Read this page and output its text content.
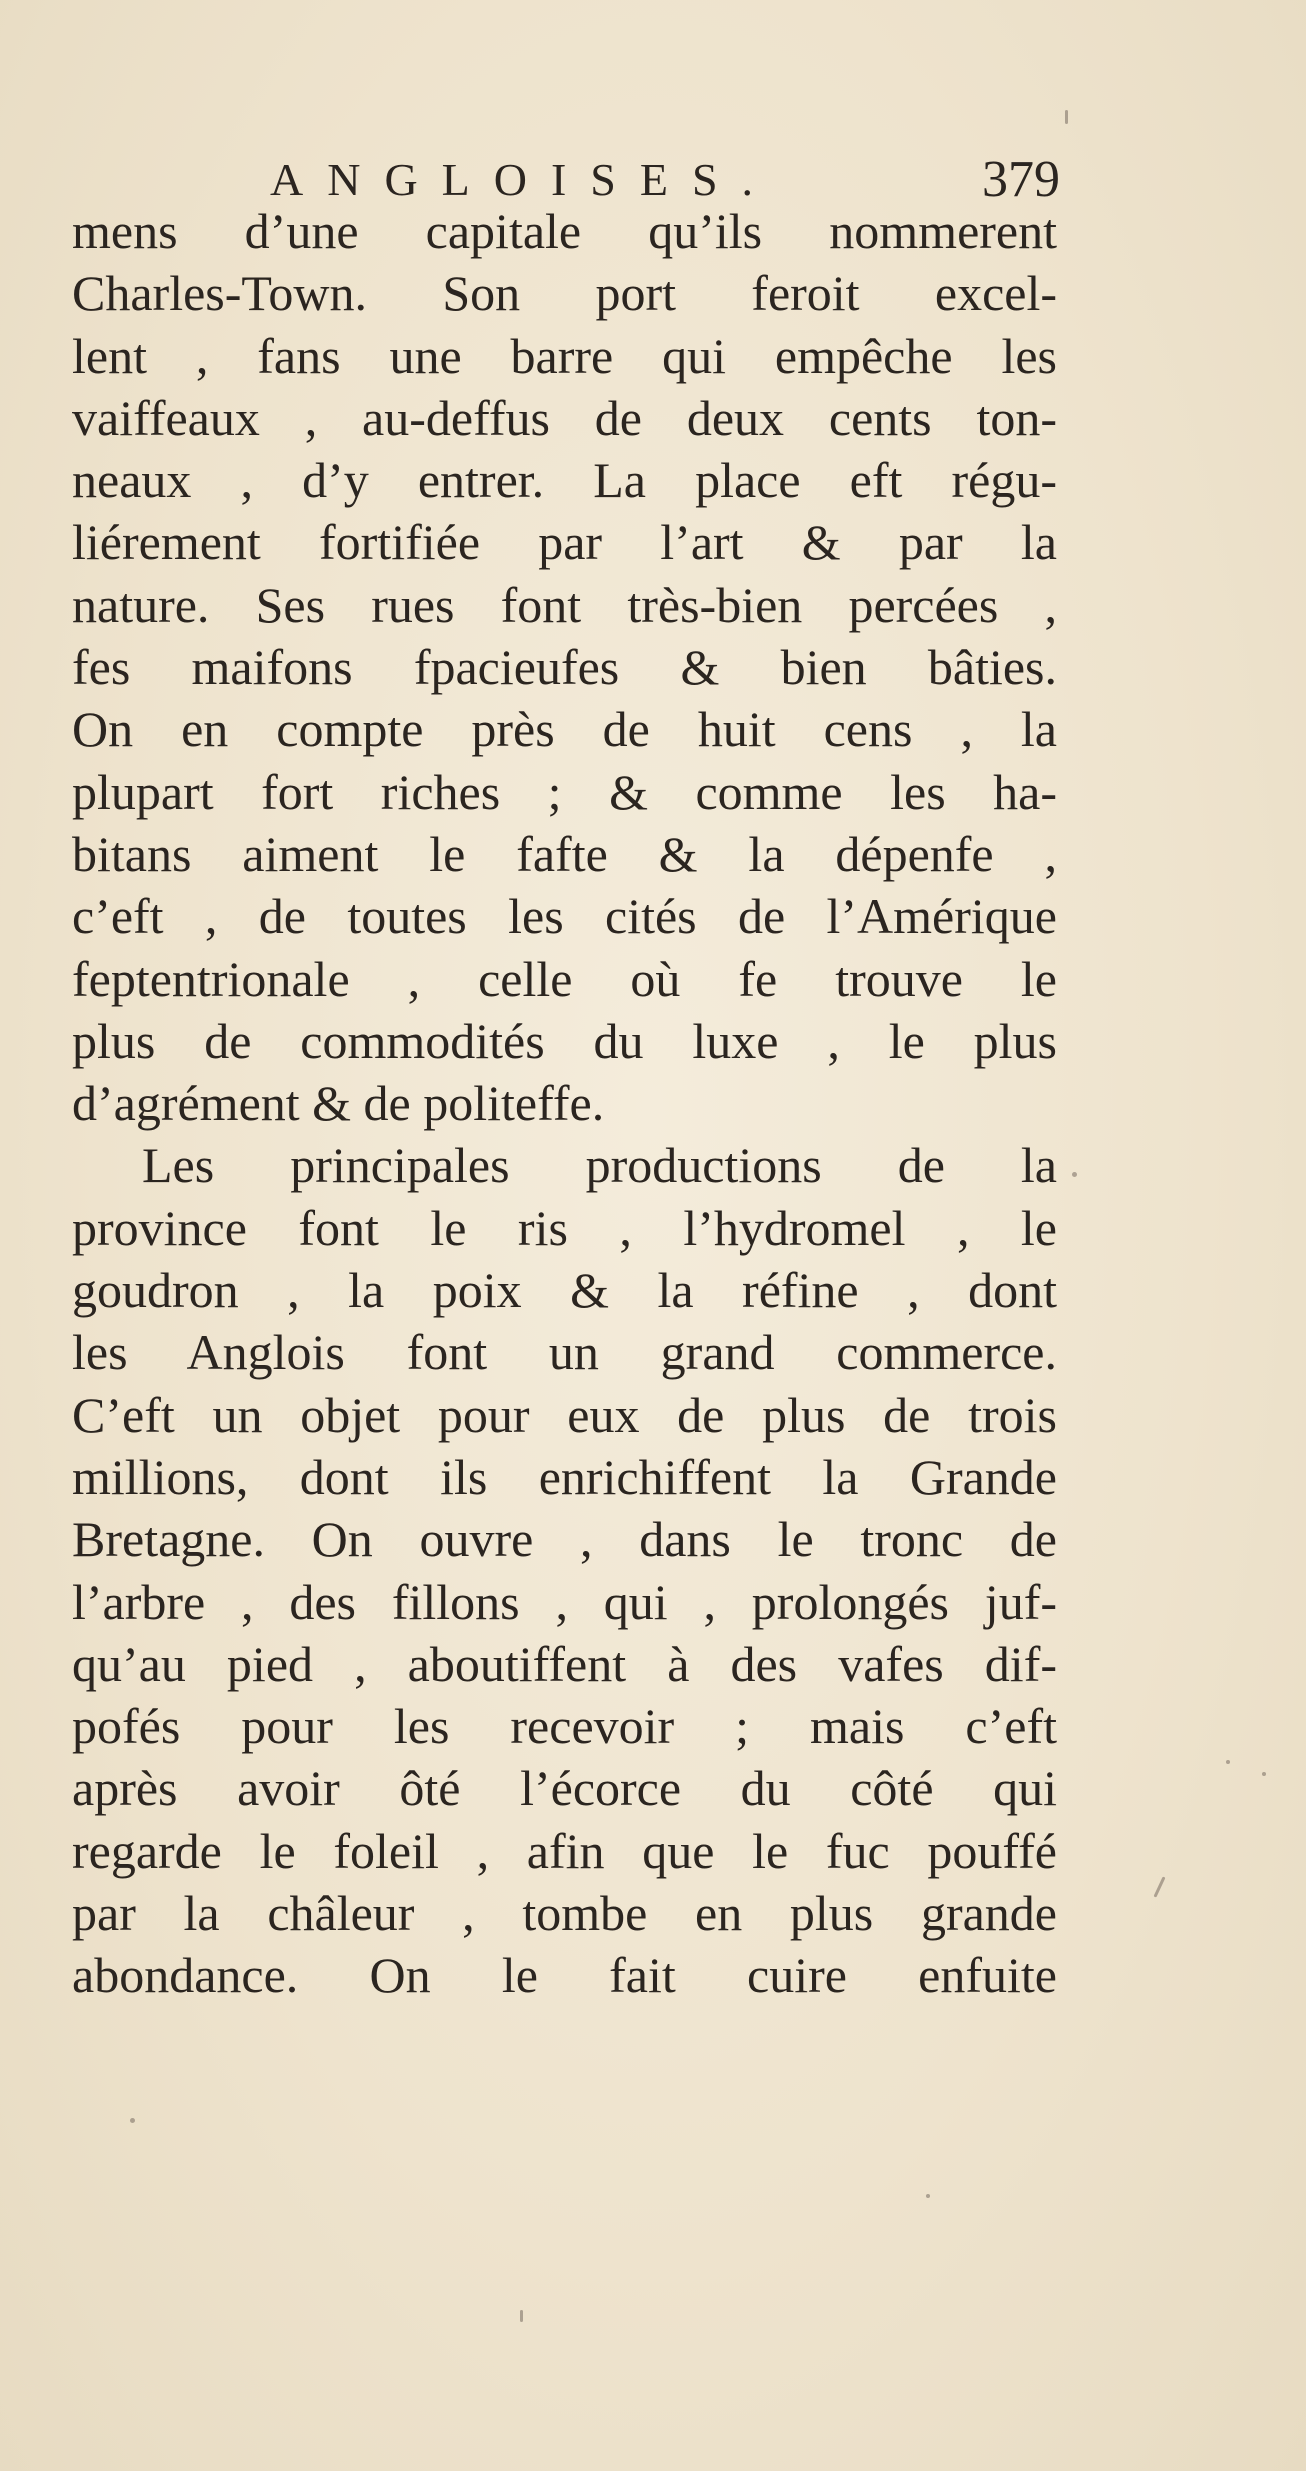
ANGLOISES.	379
mens d’une capitale qu’ils nommerent
Charles-Town. Son port feroit excel-
lent , fans une barre qui empêche les
vaiffeaux , au-deffus de deux cents ton-
neaux , d’y entrer. La place eft régu-
liérement fortifiée par l’art & par la
nature. Ses rues font très-bien percées ,
fes maifons fpacieufes & bien bâties.
On en compte près de huit cens , la
plupart fort riches ; & comme les ha-
bitans aiment le fafte & la dépenfe ,
c’eft , de toutes les cités de l’Amérique
feptentrionale , celle où fe trouve le
plus de commodités du luxe , le plus
d’agrément & de politeffe.
Les principales productions de la
province font le ris , l’hydromel , le
goudron , la poix & la réfine , dont
les Anglois font un grand commerce.
C’eft un objet pour eux de plus de trois
millions, dont ils enrichiffent la Grande
Bretagne. On ouvre , dans le tronc de
l’arbre , des fillons , qui , prolongés juf-
qu’au pied , aboutiffent à des vafes dif-
pofés pour les recevoir ; mais c’eft
après avoir ôté l’écorce du côté qui
regarde le foleil , afin que le fuc pouffé
par la châleur , tombe en plus grande
abondance. On le fait cuire enfuite
